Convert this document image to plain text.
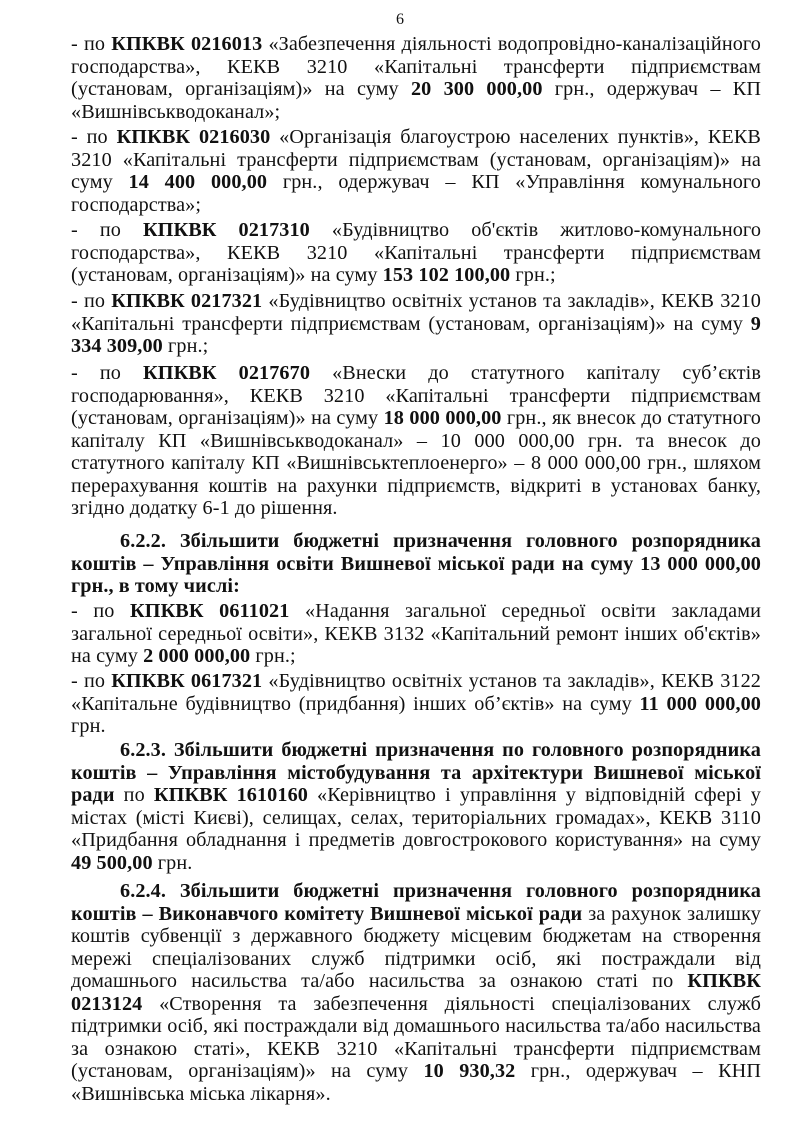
6
- по КПКВК 0216013 «Забезпечення діяльності водопровідно-каналізаційного господарства», КЕКВ 3210 «Капітальні трансферти підприємствам (установам, організаціям)» на суму 20 300 000,00 грн., одержувач – КП «Вишнівськводоканал»;
- по КПКВК 0216030 «Організація благоустрою населених пунктів», КЕКВ 3210 «Капітальні трансферти підприємствам (установам, організаціям)» на суму 14 400 000,00 грн., одержувач – КП «Управління комунального господарства»;
- по КПКВК 0217310 «Будівництво об'єктів житлово-комунального господарства», КЕКВ 3210 «Капітальні трансферти підприємствам (установам, організаціям)» на суму 153 102 100,00 грн.;
- по КПКВК 0217321 «Будівництво освітніх установ та закладів», КЕКВ 3210 «Капітальні трансферти підприємствам (установам, організаціям)» на суму 9 334 309,00 грн.;
- по КПКВК 0217670 «Внески до статутного капіталу суб’єктів господарювання», КЕКВ 3210 «Капітальні трансферти підприємствам (установам, організаціям)» на суму 18 000 000,00 грн., як внесок до статутного капіталу КП «Вишнівськводоканал» – 10 000 000,00 грн. та внесок до статутного капіталу КП «Вишнівськтеплоенерго» – 8 000 000,00 грн., шляхом перерахування коштів на рахунки підприємств, відкриті в установах банку, згідно додатку 6-1 до рішення.
6.2.2. Збільшити бюджетні призначення головного розпорядника коштів – Управління освіти Вишневої міської ради на суму 13 000 000,00 грн., в тому числі:
- по КПКВК 0611021 «Надання загальної середньої освіти закладами загальної середньої освіти», КЕКВ 3132 «Капітальний ремонт інших об'єктів» на суму 2 000 000,00 грн.;
- по КПКВК 0617321 «Будівництво освітніх установ та закладів», КЕКВ 3122 «Капітальне будівництво (придбання) інших об’єктів» на суму 11 000 000,00 грн.
6.2.3. Збільшити бюджетні призначення по головного розпорядника коштів – Управління містобудування та архітектури Вишневої міської ради по КПКВК 1610160 «Керівництво і управління у відповідній сфері у містах (місті Києві), селищах, селах, територіальних громадах», КЕКВ 3110 «Придбання обладнання і предметів довгострокового користування» на суму 49 500,00 грн.
6.2.4. Збільшити бюджетні призначення головного розпорядника коштів – Виконавчого комітету Вишневої міської ради за рахунок залишку коштів субвенції з державного бюджету місцевим бюджетам на створення мережі спеціалізованих служб підтримки осіб, які постраждали від домашнього насильства та/або насильства за ознакою статі по КПКВК 0213124 «Створення та забезпечення діяльності спеціалізованих служб підтримки осіб, які постраждали від домашнього насильства та/або насильства за ознакою статі», КЕКВ 3210 «Капітальні трансферти підприємствам (установам, організаціям)» на суму 10 930,32 грн., одержувач – КНП «Вишнівська міська лікарня».
